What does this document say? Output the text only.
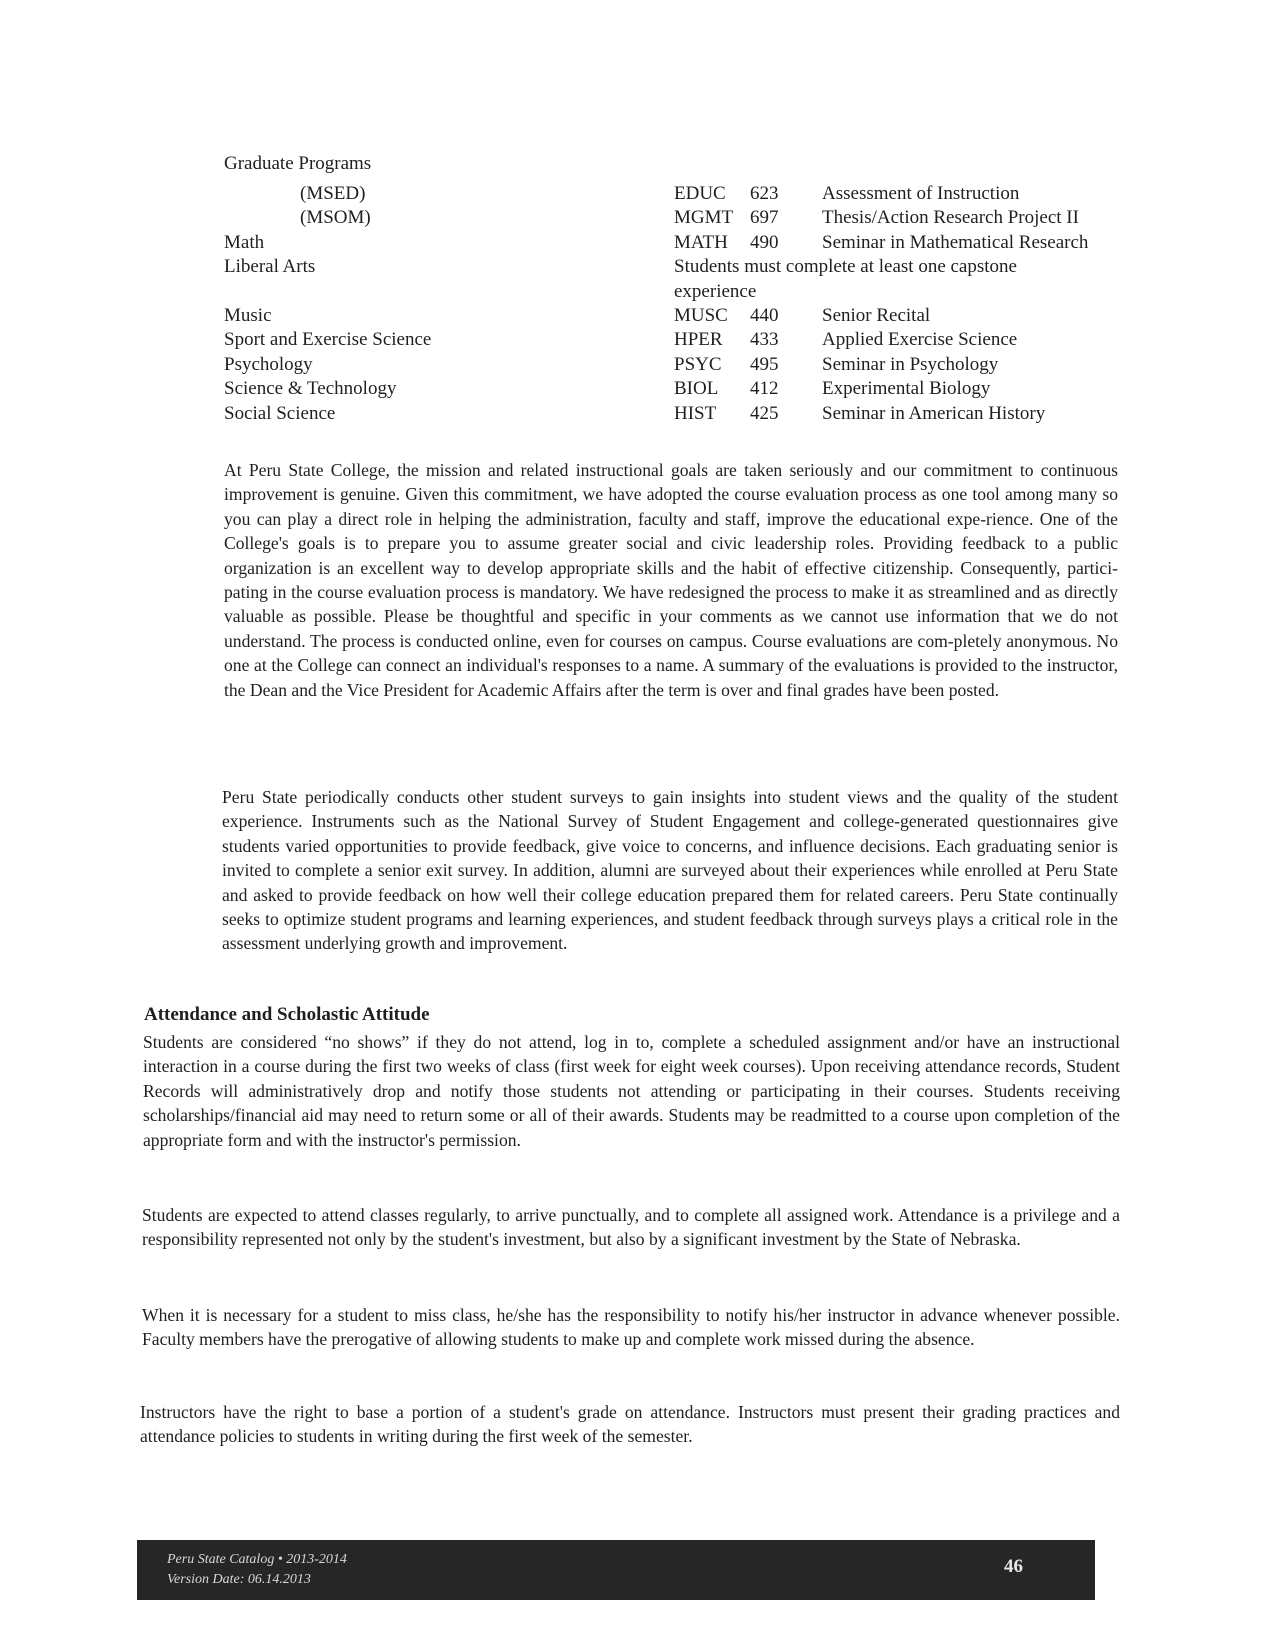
Graduate Programs
(MSED)	EDUC	623	Assessment of Instruction
(MSOM)	MGMT 697	Thesis/Action Research Project II
Math	MATH	490	Seminar in Mathematical Research
Liberal Arts	Students must complete at least one capstone experience
Music	MUSC	440	Senior Recital
Sport and Exercise Science	HPER	433	Applied Exercise Science
Psychology	PSYC	495	Seminar in Psychology
Science & Technology	BIOL	412	Experimental Biology
Social Science	HIST	425	Seminar in American History

At Peru State College, the mission and related instructional goals are taken seriously and our commitment to continuous improvement is genuine. Given this commitment, we have adopted the course evaluation process as one tool among many so you can play a direct role in helping the administration, faculty and staff, improve the educational expe-rience. One of the College's goals is to prepare you to assume greater social and civic leadership roles. Providing feedback to a public organization is an excellent way to develop appropriate skills and the habit of effective citizenship. Consequently, partici-pating in the course evaluation process is mandatory. We have redesigned the process to make it as streamlined and as directly valuable as possible. Please be thoughtful and specific in your comments as we cannot use information that we do not understand. The process is conducted online, even for courses on campus. Course evaluations are com-pletely anonymous. No one at the College can connect an individual's responses to a name. A summary of the evaluations is provided to the instructor, the Dean and the Vice President for Academic Affairs after the term is over and final grades have been posted.

Peru State periodically conducts other student surveys to gain insights into student views and the quality of the student experience. Instruments such as the National Survey of Student Engagement and college-generated questionnaires give students varied opportunities to provide feedback, give voice to concerns, and influence decisions. Each graduating senior is invited to complete a senior exit survey. In addition, alumni are surveyed about their experiences while enrolled at Peru State and asked to provide feedback on how well their college education prepared them for related careers. Peru State continually seeks to optimize student programs and learning experiences, and student feedback through surveys plays a critical role in the assessment underlying growth and improvement.

Attendance and Scholastic Attitude

Students are considered “no shows” if they do not attend, log in to, complete a scheduled assignment and/or have an instructional interaction in a course during the first two weeks of class (first week for eight week courses). Upon receiving attendance records, Student Records will administratively drop and notify those students not attending or participating in their courses. Students receiving scholarships/financial aid may need to return some or all of their awards. Students may be readmitted to a course upon completion of the appropriate form and with the instructor's permission.

Students are expected to attend classes regularly, to arrive punctually, and to complete all assigned work. Attendance is a privilege and a responsibility represented not only by the student's investment, but also by a significant investment by the State of Nebraska.

When it is necessary for a student to miss class, he/she has the responsibility to notify his/her instructor in advance whenever possible. Faculty members have the prerogative of allowing students to make up and complete work missed during the absence.

Instructors have the right to base a portion of a student's grade on attendance. Instructors must present their grading practices and attendance policies to students in writing during the first week of the semester.

Peru State Catalog • 2013-2014
Version Date: 06.14.2013
46
